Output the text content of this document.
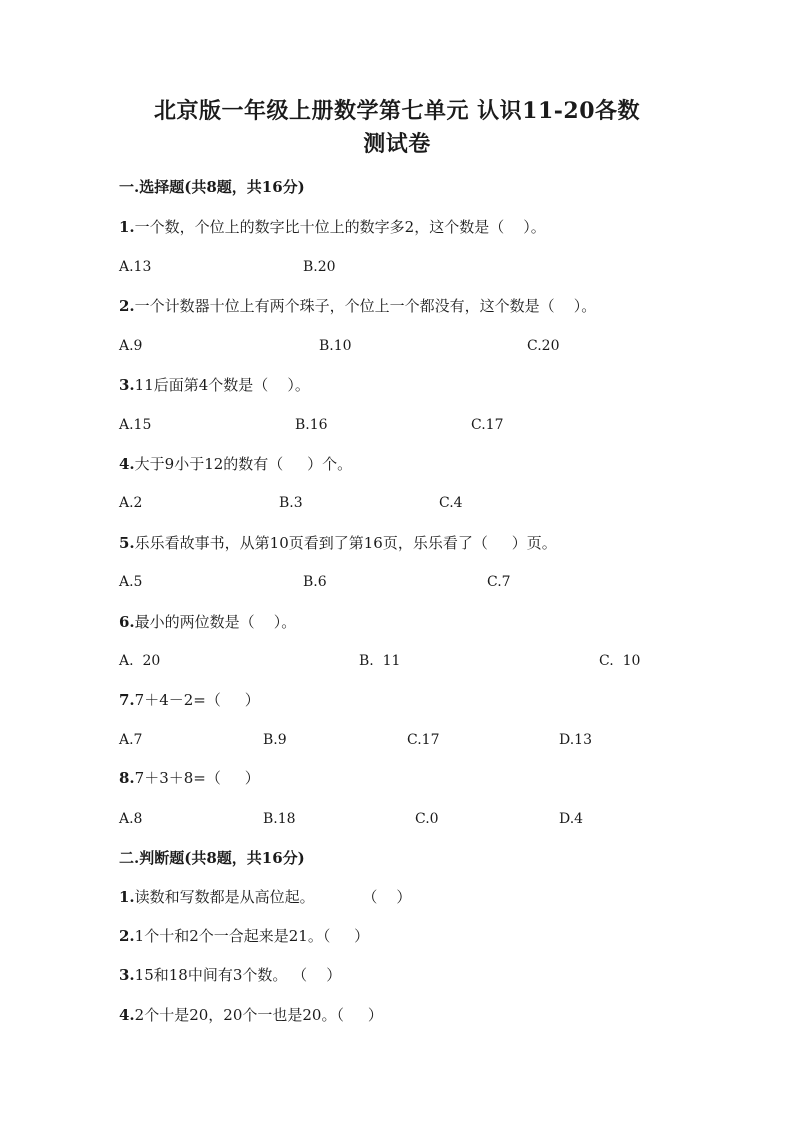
北京版一年级上册数学第七单元 认识11-20各数
测试卷
一.选择题(共8题，共16分)
1.一个数，个位上的数字比十位上的数字多2，这个数是（    ）。
A.13	B.20
2.一个计数器十位上有两个珠子，个位上一个都没有，这个数是（    ）。
A.9	B.10	C.20
3.11后面第4个数是（    ）。
A.15	B.16	C.17
4.大于9小于12的数有（     ）个。
A.2	B.3	C.4
5.乐乐看故事书，从第10页看到了第16页，乐乐看了（     ）页。
A.5	B.6	C.7
6.最小的两位数是（    ）。
A.  20	B.  11	C.  10
7.7＋4－2=（     ）
A.7	B.9	C.17	D.13
8.7＋3＋8=（     ）
A.8	B.18	C.0	D.4
二.判断题(共8题，共16分)
1.读数和写数都是从高位起。          （    ）
2.1个十和2个一合起来是21。（     ）
3.15和18中间有3个数。 （    ）
4.2个十是20，20个一也是20。（     ）
